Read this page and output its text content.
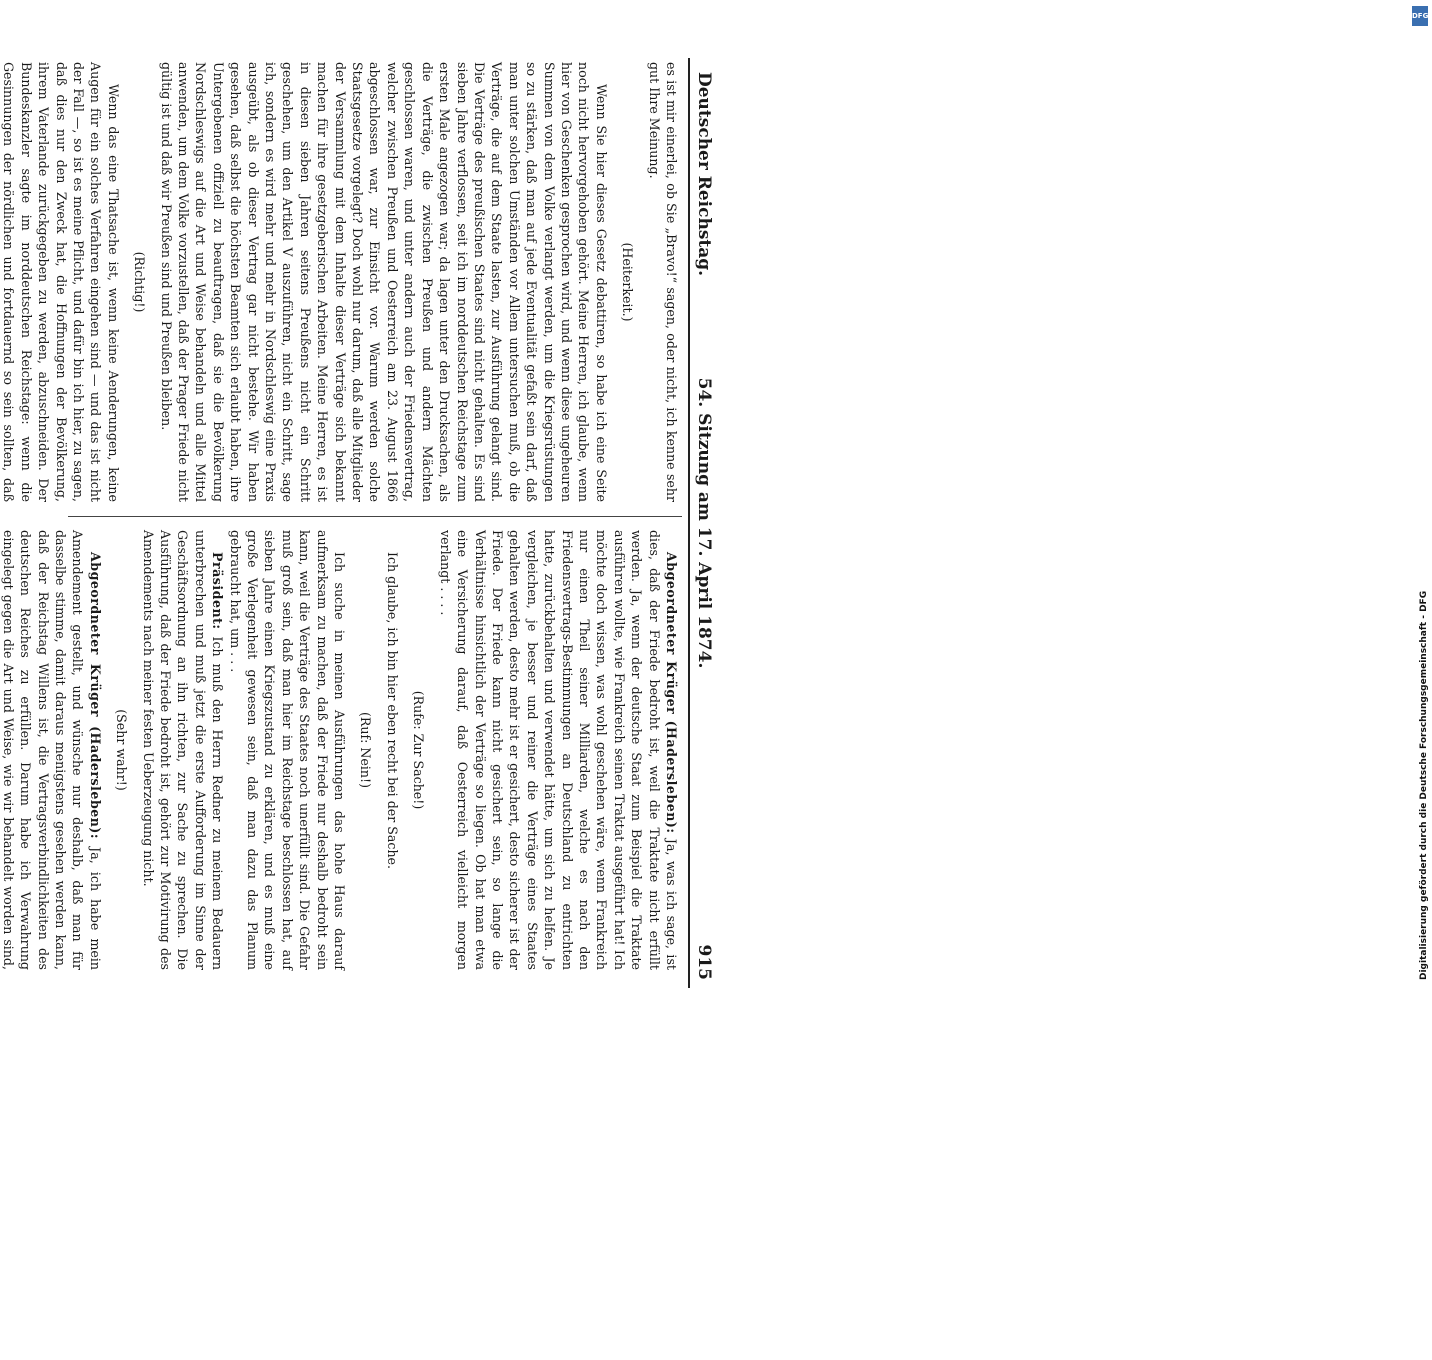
Deutscher Reichstag.
54. Sitzung am 17. April 1874.
915

es ist mir einerlei, ob Sie „Bravo!“ sagen, oder nicht, ich kenne sehr gut Ihre Meinung.

(Heiterkeit.)

Wenn Sie hier dieses Gesetz debattiren, so habe ich eine Seite noch nicht hervorgehoben gehört. Meine Herren, ich glaube, wenn hier von Geschenken gesprochen wird, und wenn diese ungeheuren Summen von dem Volke verlangt werden, um die Kriegsrüstungen so zu stärken, daß man auf jede Eventualität gefaßt sein darf, daß man unter solchen Umständen vor Allem untersuchen muß, ob die Verträge, die auf dem Staate lasten, zur Ausführung gelangt sind. Die Verträge des preußischen Staates sind nicht gehalten. Es sind sieben Jahre verflossen, seit ich im norddeutschen Reichstage zum ersten Male angezogen war; da lagen unter den Drucksachen, als die Verträge, die zwischen Preußen und andern Mächten geschlossen waren, und unter andern auch der Friedensvertrag, welcher zwischen Preußen und Oesterreich am 23. August 1866 abgeschlossen war, zur Einsicht vor. Warum werden solche Staatsgesetze vorgelegt? Doch wohl nur darum, daß alle Mitglieder der Versammlung mit dem Inhalte dieser Verträge sich bekannt machen für ihre gesetzgeberischen Arbeiten. Meine Herren, es ist in diesen sieben Jahren seitens Preußens nicht ein Schritt geschehen, um den Artikel V auszuführen, nicht ein Schritt, sage ich, sondern es wird mehr und mehr in Nordschleswig eine Praxis ausgeübt, als ob dieser Vertrag gar nicht bestehe. Wir haben gesehen, daß selbst die höchsten Beamten sich erlaubt haben, ihre Untergebenen offiziell zu beauftragen, daß sie die Bevölkerung Nordschleswigs auf die Art und Weise behandeln und alle Mittel anwenden, um dem Volke vorzustellen, daß der Prager Friede nicht gültig ist und daß wir Preußen sind und Preußen bleiben.

(Richtig!)

Wenn das eine Thatsache ist, wenn keine Aenderungen, keine Augen für ein solches Verfahren eingehen sind — und das ist nicht der Fall —, so ist es meine Pflicht, und dafür bin ich hier, zu sagen, daß dies nur den Zweck hat, die Hoffnungen der Bevölkerung, ihrem Vaterlande zurückgegeben zu werden, abzuschneiden. Der Bundeskanzler sagte im norddeutschen Reichstage: wenn die Gesinnungen der nördlichen und fortdauernd so sein sollten, daß

Abgeordneter Krüger (Hadersleben): Ja, was ich sage, ist dies, daß der Friede bedroht ist, weil die Traktate nicht erfüllt werden. Ja, wenn der deutsche Staat zum Beispiel die Traktate ausführen wollte, wie Frankreich seinen Traktat ausgeführt hat! Ich möchte doch wissen, was wohl geschehen wäre, wenn Frankreich nur einen Theil seiner Milliarden, welche es nach den Friedensvertrags-Bestimmungen an Deutschland zu entrichten hatte, zurückbehalten und verwendet hätte, um sich zu helfen. Je vergleichen, je besser und reiner die Verträge eines Staates gehalten werden, desto mehr ist er gesichert, desto sicherer ist der Friede. Der Friede kann nicht gesichert sein, so lange die Verhältnisse hinsichtlich der Verträge so liegen. Ob hat man etwa eine Versicherung darauf, daß Oesterreich vielleicht morgen verlangt . . . .

(Rufe: Zur Sache!)

Ich glaube, ich bin hier eben recht bei der Sache.

(Ruf: Nein!)

Ich suche in meinen Ausführungen das hohe Haus darauf aufmerksam zu machen, daß der Friede nur deshalb bedroht sein kann, weil die Verträge des Staates noch unerfüllt sind. Die Gefahr muß groß sein, daß man hier im Reichstage beschlossen hat, auf sieben Jahre einen Kriegszustand zu erklären, und es muß eine große Verlegenheit gewesen sein, daß man dazu das Planum gebraucht hat, um . . .

Präsident: Ich muß den Herrn Redner zu meinem Bedauern unterbrechen und muß jetzt die erste Aufforderung im Sinne der Geschäftsordnung an ihn richten, zur Sache zu sprechen. Die Ausführung, daß der Friede bedroht ist, gehört zur Motivirung des Amendements nach meiner festen Ueberzeugung nicht.

(Sehr wahr!)

Abgeordneter Krüger (Hadersleben): Ja, ich habe mein Amendement gestellt, und wünsche nur deshalb, daß man für dasselbe stimme, damit daraus menigstens gesehen werden kann, daß der Reichstag Willens ist, die Vertragsverbindlichkeiten des deutschen Reiches zu erfüllen. Darum habe ich Verwahrung eingelegt gegen die Art und Weise, wie wir behandelt worden sind,

DFG
Digitalisierung gefördert durch die Deutsche Forschungsgemeinschaft - DFG
